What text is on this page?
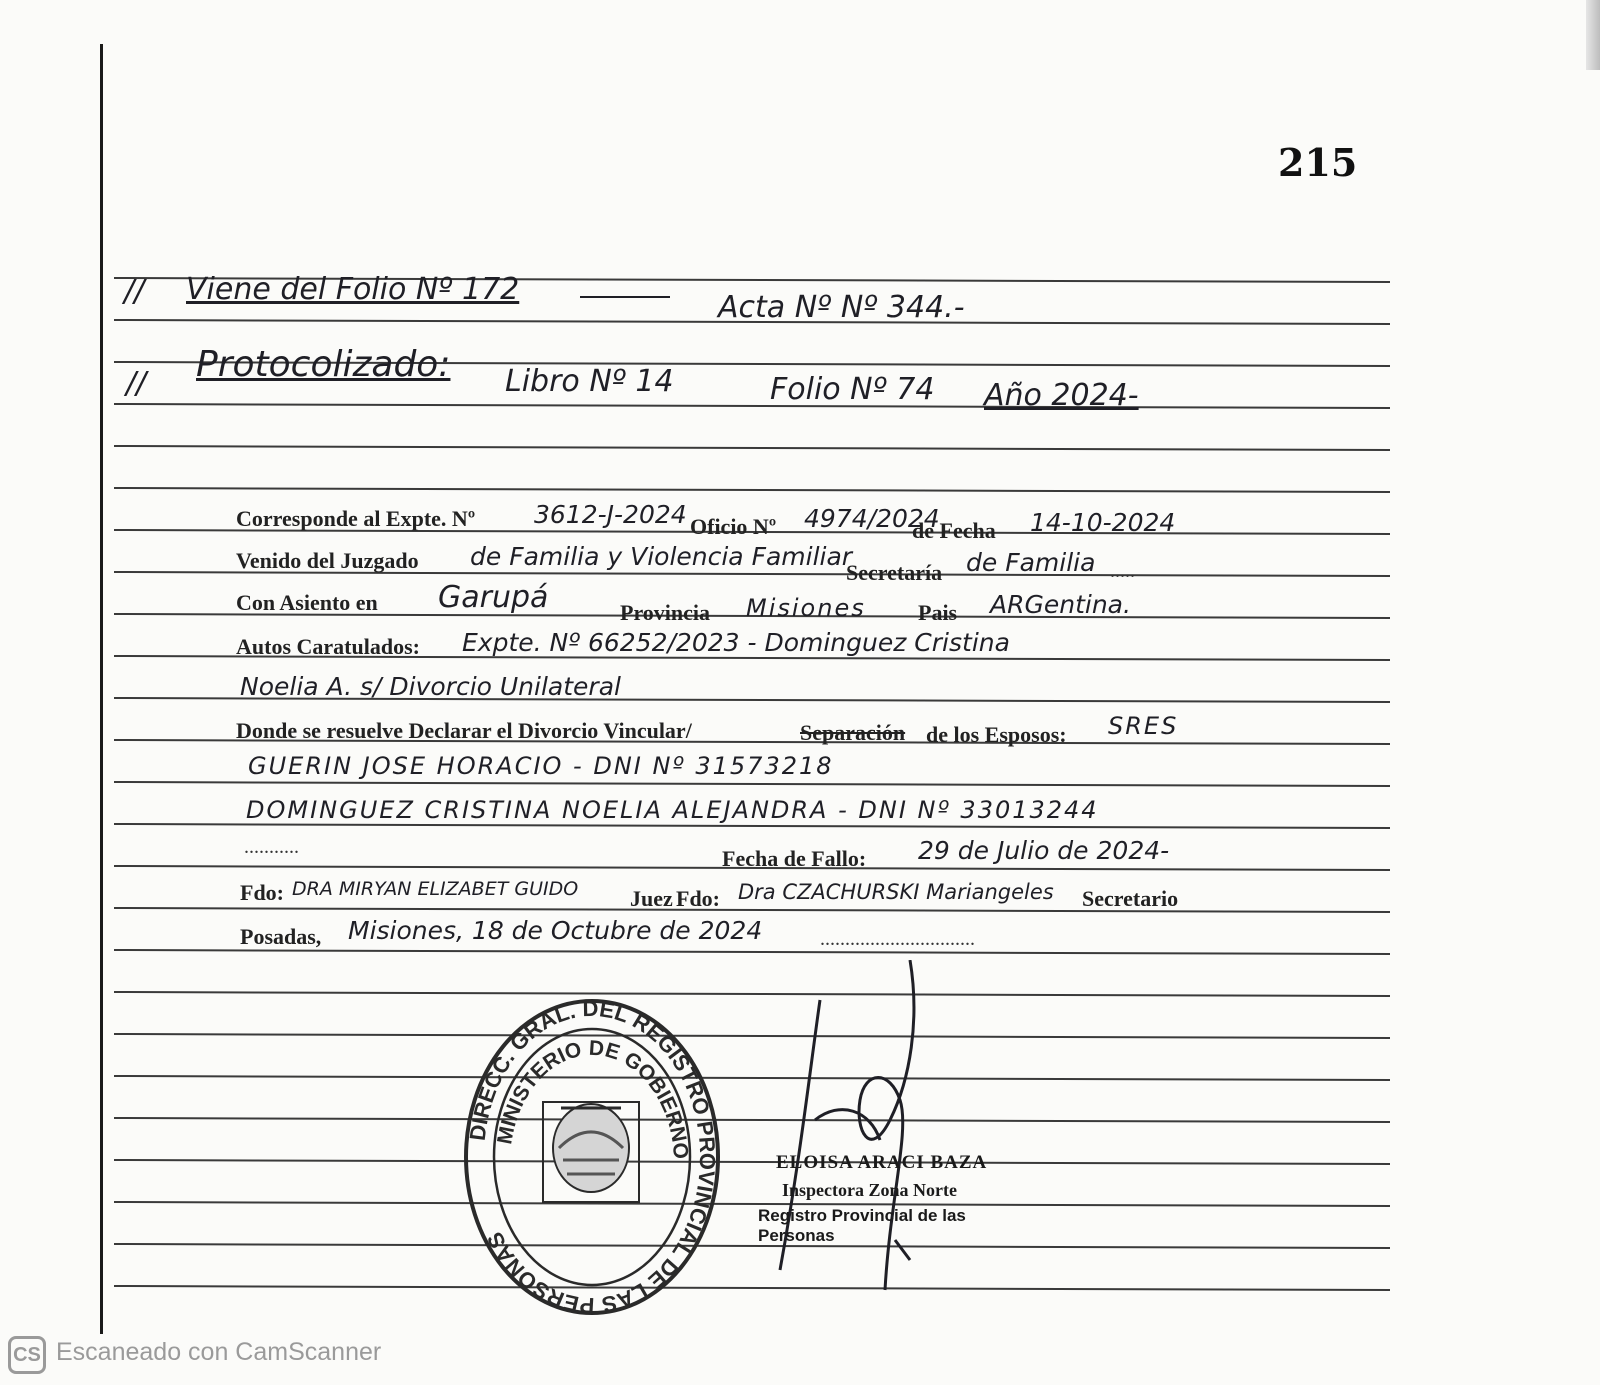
215
// Viene del Folio Nº 172
Acta Nº Nº 344.-
// Protocolizado: Libro Nº 14	Folio Nº 74 Año 2024-
Corresponde al Expte. Nº 3612-J-2024 Oficio Nº 4974/2024
de Fecha 14-10-2024
Venido del Juzgado de Familia y Violencia Familiar
Secretaría de Familia .....
Con Asiento en Garupá	Provincia Misiones Pais ARGentina.
Autos Caratulados: Expte. Nº 66252/2023 - Dominguez Cristina
Noelia A. s/ Divorcio Unilateral
Donde se resuelve Declarar el Divorcio Vincular/	Separación de los Esposos: SRES
GUERIN JOSE HORACIO - DNI Nº 31573218
DOMINGUEZ CRISTINA NOELIA ALEJANDRA - DNI Nº 33013244
...........	Fecha de Fallo: 29 de Julio de 2024-
Fdo: DRA MIRYAN ELIZABET GUIDO Juez Fdo: Dra CZACHURSKI Mariangeles Secretario
Posadas, Misiones, 18 de Octubre de 2024	...............................
DIRECC. GRAL. DEL REGISTRO PROVINCIAL DE LAS PERSONAS
MINISTERIO DE GOBIERNO
ELOISA ARACI BAZA
Inspectora Zona Norte
Registro Provincial de las Personas
CS Escaneado con CamScanner
